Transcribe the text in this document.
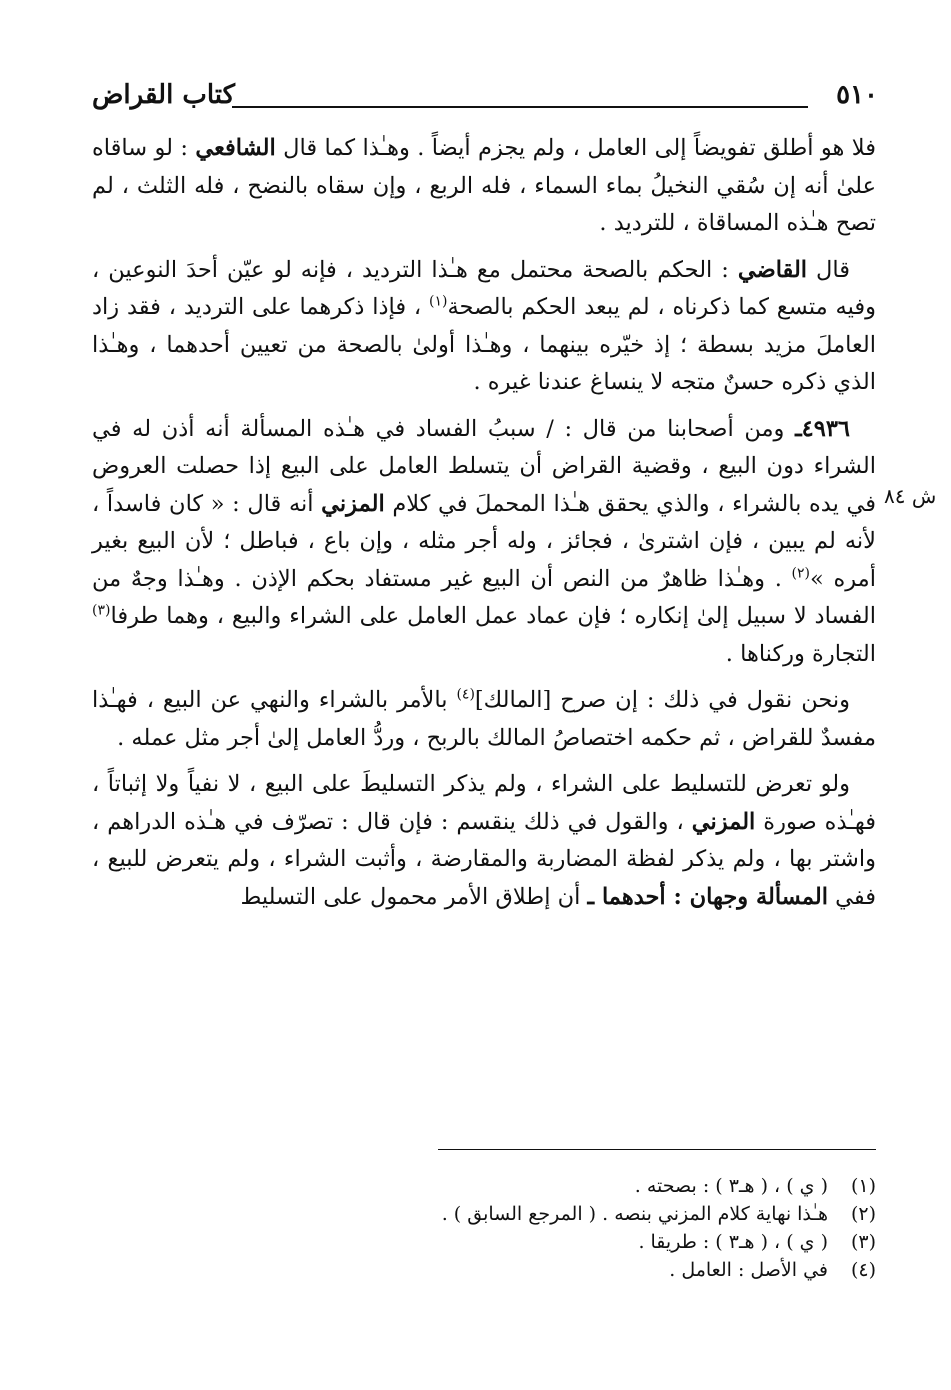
٥١٠
كتاب القراض
ش ٨٤

فلا هو أطلق تفويضاً إلى العامل ، ولم يجزم أيضاً . وهـٰذا كما قال الشافعي : لو ساقاه علىٰ أنه إن سُقي النخيلُ بماء السماء ، فله الربع ، وإن سقاه بالنضح ، فله الثلث ، لم تصح هـٰذه المساقاة ، للترديد .

قال القاضي : الحكم بالصحة محتمل مع هـٰذا الترديد ، فإنه لو عيّن أحدَ النوعين ، وفيه متسع كما ذكرناه ، لم يبعد الحكم بالصحة$^{(١)}$ ، فإذا ذكرهما على الترديد ، فقد زاد العاملَ مزيد بسطة ؛ إذ خيّره بينهما ، وهـٰذا أولىٰ بالصحة من تعيين أحدهما ، وهـٰذا الذي ذكره حسنٌ متجه لا ينساغ عندنا غيره .

٤٩٣٦ـ ومن أصحابنا من قال : / سببُ الفساد في هـٰذه المسألة أنه أذن له في الشراء دون البيع ، وقضية القراض أن يتسلط العامل على البيع إذا حصلت العروض في يده بالشراء ، والذي يحقق هـٰذا المحملَ في كلام المزني أنه قال : « كان فاسداً ، لأنه لم يبين ، فإن اشترىٰ ، فجائز ، وله أجر مثله ، وإن باع ، فباطل ؛ لأن البيع بغير أمره »$^{(٢)}$ . وهـٰذا ظاهرٌ من النص أن البيع غير مستفاد بحكم الإذن . وهـٰذا وجهٌ من الفساد لا سبيل إلىٰ إنكاره ؛ فإن عماد عمل العامل على الشراء والبيع ، وهما طرفا$^{(٣)}$ التجارة وركناها .

ونحن نقول في ذلك : إن صرح [المالك]$^{(٤)}$ بالأمر بالشراء والنهي عن البيع ، فهـٰذا مفسدٌ للقراض ، ثم حكمه اختصاصُ المالك بالربح ، وردُّ العامل إلىٰ أجر مثل عمله .

ولو تعرض للتسليط على الشراء ، ولم يذكر التسليطَ على البيع ، لا نفياً ولا إثباتاً ، فهـٰذه صورة المزني ، والقول في ذلك ينقسم : فإن قال : تصرّف في هـٰذه الدراهم ، واشتر بها ، ولم يذكر لفظة المضاربة والمقارضة ، وأثبت الشراء ، ولم يتعرض للبيع ، ففي المسألة وجهان : أحدهما ـ أن إطلاق الأمر محمول على التسليط

(١)
( ي ) ، ( هـ٣ ) : بصحته .
(٢)
هـٰذا نهاية كلام المزني بنصه . ( المرجع السابق ) .
(٣)
( ي ) ، ( هـ٣ ) : طريقا .
(٤)
في الأصل : العامل .
